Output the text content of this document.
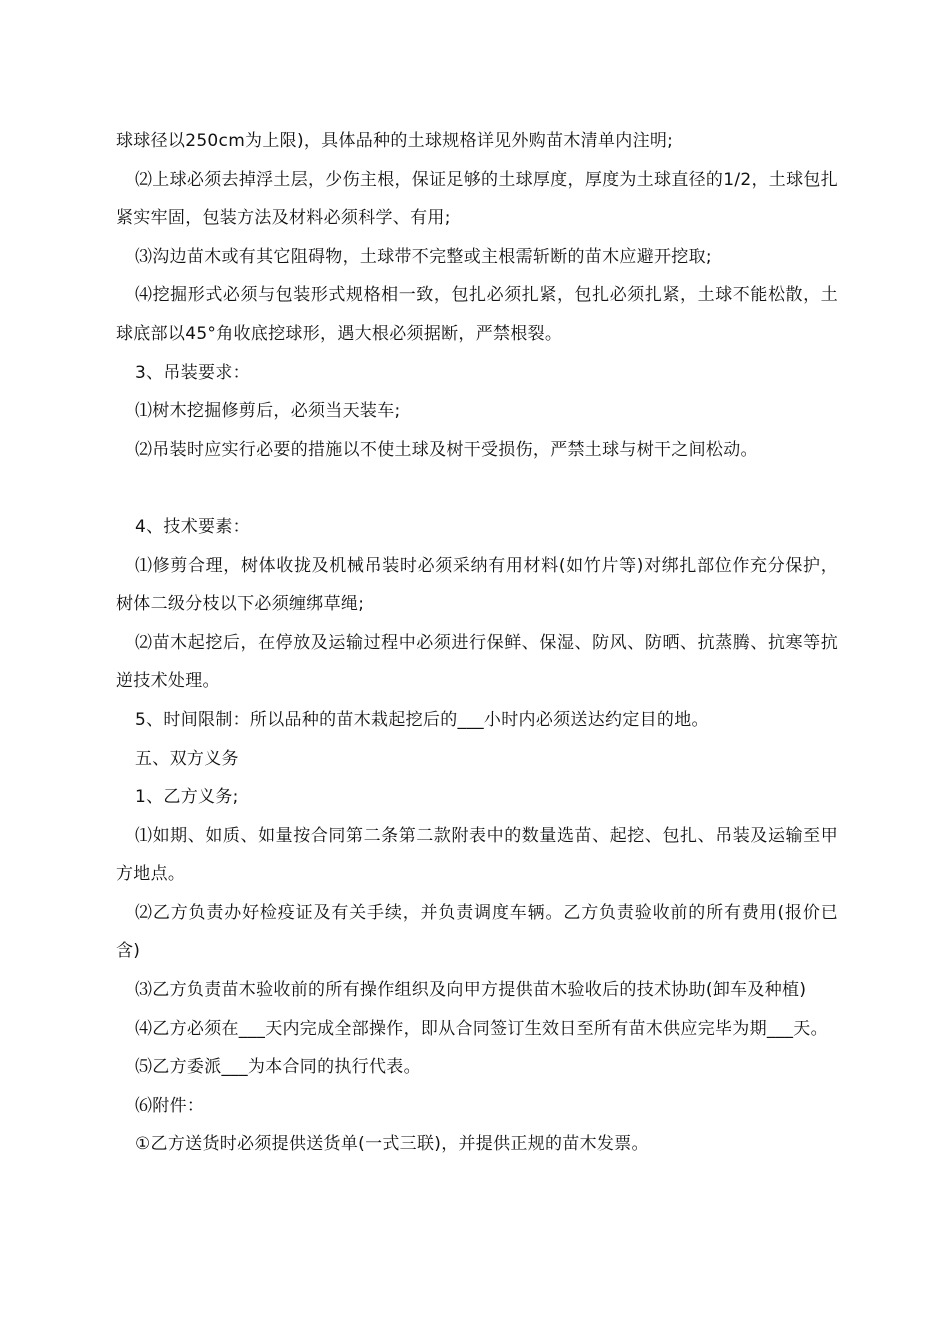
球球径以250cm为上限)，具体品种的土球规格详见外购苗木清单内注明;

⑵上球必须去掉浮土层，少伤主根，保证足够的土球厚度，厚度为土球直径的1/2，土球包扎紧实牢固，包装方法及材料必须科学、有用;

⑶沟边苗木或有其它阻碍物，土球带不完整或主根需斩断的苗木应避开挖取;

⑷挖掘形式必须与包装形式规格相一致，包扎必须扎紧，包扎必须扎紧，土球不能松散，土球底部以45°角收底挖球形，遇大根必须据断，严禁根裂。

3、吊装要求：

⑴树木挖掘修剪后，必须当天装车;

⑵吊装时应实行必要的措施以不使土球及树干受损伤，严禁土球与树干之间松动。

4、技术要素：

⑴修剪合理，树体收拢及机械吊装时必须采纳有用材料(如竹片等)对绑扎部位作充分保护，树体二级分枝以下必须缠绑草绳;

⑵苗木起挖后，在停放及运输过程中必须进行保鲜、保湿、防风、防晒、抗蒸腾、抗寒等抗逆技术处理。

5、时间限制：所以品种的苗木栽起挖后的___小时内必须送达约定目的地。

五、双方义务

1、乙方义务;

⑴如期、如质、如量按合同第二条第二款附表中的数量选苗、起挖、包扎、吊装及运输至甲方地点。

⑵乙方负责办好检疫证及有关手续，并负责调度车辆。乙方负责验收前的所有费用(报价已含)

⑶乙方负责苗木验收前的所有操作组织及向甲方提供苗木验收后的技术协助(卸车及种植)

⑷乙方必须在___天内完成全部操作，即从合同签订生效日至所有苗木供应完毕为期___天。

⑸乙方委派___为本合同的执行代表。

⑹附件：

①乙方送货时必须提供送货单(一式三联)，并提供正规的苗木发票。
